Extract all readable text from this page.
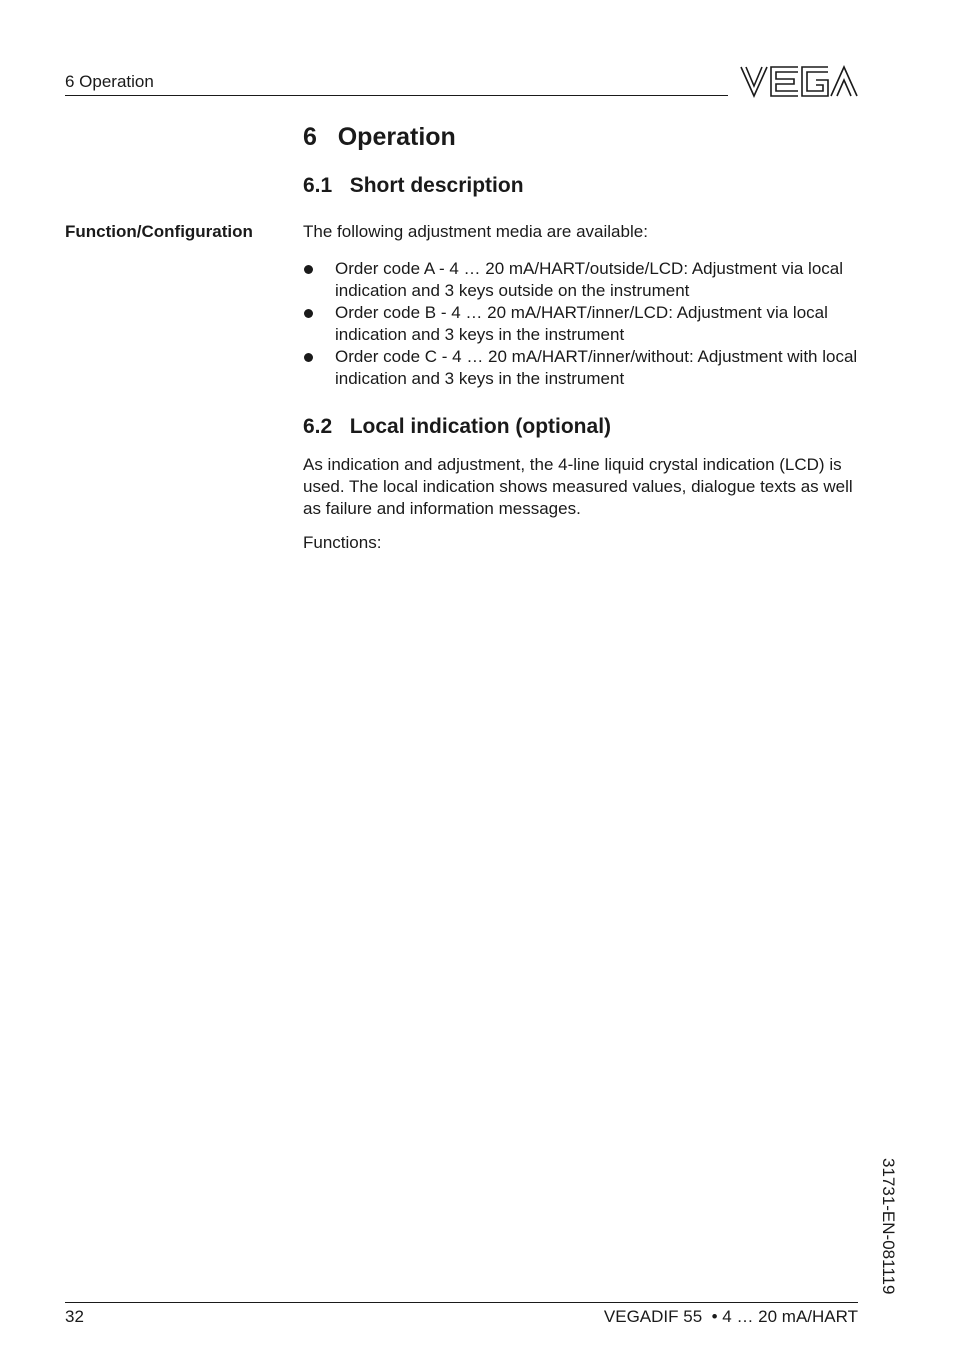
6 Operation
6   Operation
6.1   Short description
Function/Configuration	The following adjustment media are available:
Order code A - 4 … 20 mA/HART/outside/LCD: Adjustment via local indication and 3 keys outside on the instrument
Order code B - 4 … 20 mA/HART/inner/LCD: Adjustment via local indication and 3 keys in the instrument
Order code C - 4 … 20 mA/HART/inner/without: Adjustment with local indication and 3 keys in the instrument
6.2   Local indication (optional)
As indication and adjustment, the 4-line liquid crystal indication (LCD) is used. The local indication shows measured values, dialogue texts as well as failure and information messages.
Functions:
31731-EN-081119
32	VEGADIF 55  • 4 … 20 mA/HART
